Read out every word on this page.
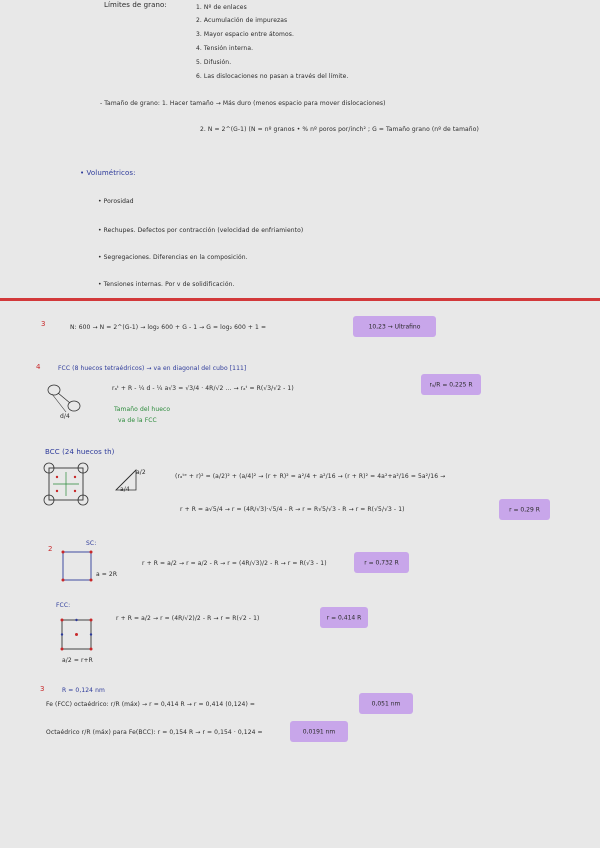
Límites de grano:	1. Nº de enlaces
2. Acumulación de impurezas
3. Mayor espacio entre átomos.
4. Tensión interna.
5. Difusión.
6. Las dislocaciones no pasan a través del límite.
- Tamaño de grano: 1. Hacer tamaño → Más duro (menos espacio para mover dislocaciones)
2. N = 2^(G-1) (N = nº granos • % nº poros por/inch² ; G = Tamaño grano (nº de tamaño)
• Volumétricos:
• Porosidad
• Rechupes. Defectos por contracción (velocidad de enfriamiento)
• Segregaciones. Diferencias en la composición.
• Tensiones internas. Por v de solidificación.
3	N: 600 → N = 2^(G-1) → log₂ 600 + G - 1 → G = log₂ 600 + 1 =	10,23 → Ultrafino
4	FCC (8 huecos tetraédricos) → va en diagonal del cubo [111]
d/4
rₐᵗ + R - ¼ d - ¼ a√3 = √3/4 · 4R/√2 ... → rₐᵗ = R(√3/√2 - 1)
rₐ/R = 0,225 R
Tamaño del hueco
va de la FCC
BCC (24 huecos th)
a/2
a/4
(rₐᵗᵉ + r)² = (a/2)² + (a/4)² → (r + R)² = a²/4 + a²/16 → (r + R)² = 4a²+a²/16 = 5a²/16 →
r + R = a√5/4 → r = (4R/√3)·√5/4 - R → r = R√5/√3 - R → r = R(√5/√3 - 1)	r = 0,29 R
2
SC:
a = 2R
r + R = a/2 → r = a/2 - R → r = (4R/√3)/2 - R → r = R(√3 - 1)	r = 0,732 R
FCC:
a/2 = r+R
r + R = a/2 → r = (4R/√2)/2 - R → r = R(√2 - 1)	r = 0,414 R
3	R = 0,124 nm
Fe (FCC) octaédrico: r/R (máx) → r = 0,414 R → r = 0,414 (0,124) =	0,051 nm
Octaédrico r/R (máx) para Fe(BCC): r = 0,154 R → r = 0,154 · 0,124 =	0,0191 nm
